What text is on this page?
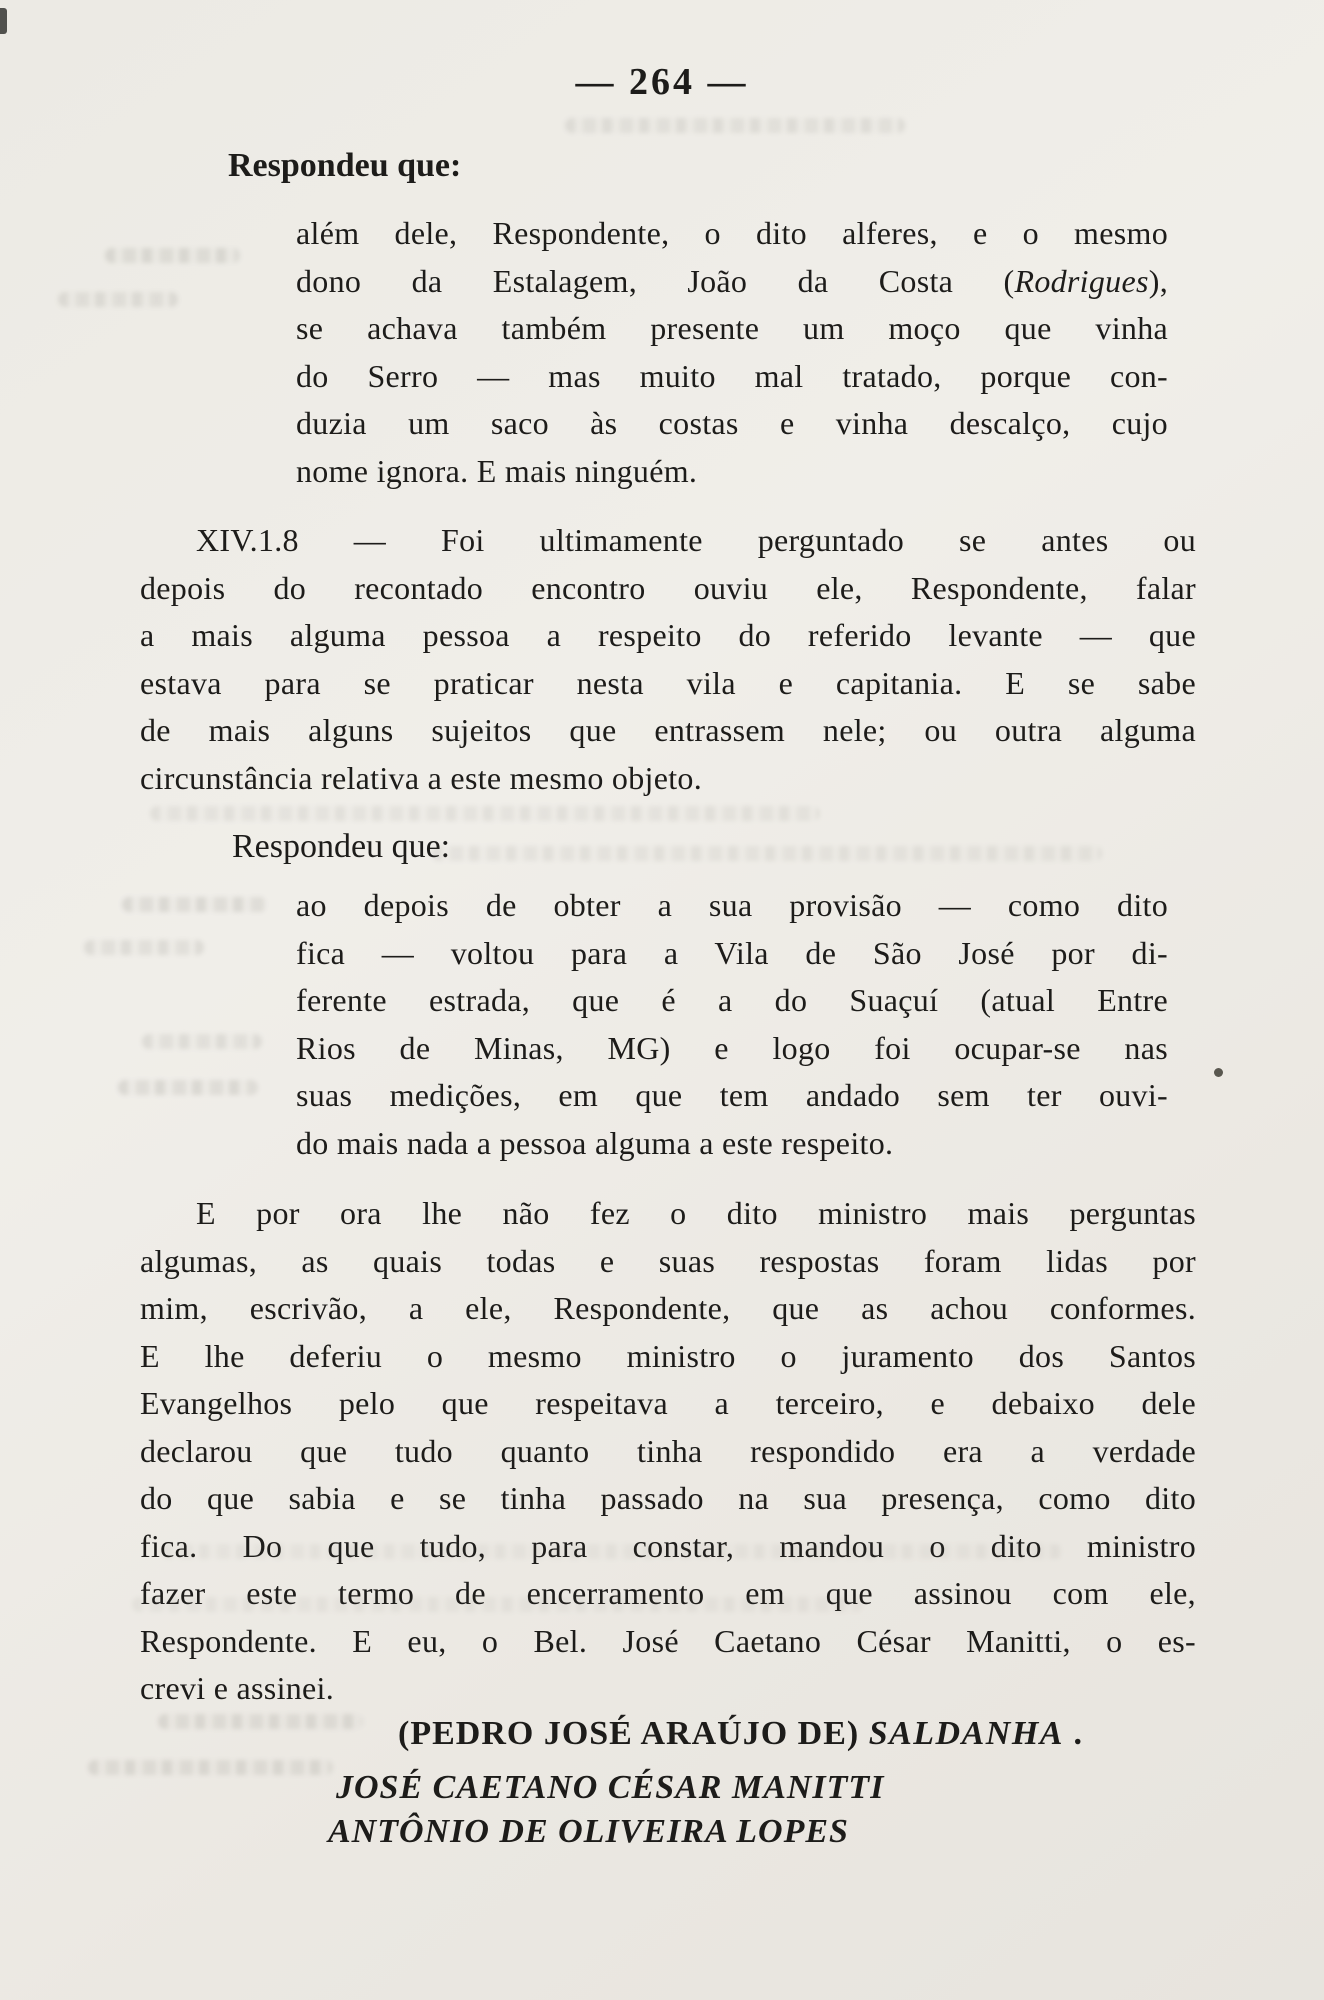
— 264 —
Respondeu que:
além dele, Respondente, o dito alferes, e o mesmo
dono da Estalagem, João da Costa (Rodrigues),
se achava também presente um moço que vinha
do Serro — mas muito mal tratado, porque con-
duzia um saco às costas e vinha descalço, cujo
nome ignora. E mais ninguém.
XIV.1.8 — Foi ultimamente perguntado se antes ou
depois do recontado encontro ouviu ele, Respondente, falar
a mais alguma pessoa a respeito do referido levante — que
estava para se praticar nesta vila e capitania. E se sabe
de mais alguns sujeitos que entrassem nele; ou outra alguma
circunstância relativa a este mesmo objeto.
Respondeu que:
ao depois de obter a sua provisão — como dito
fica — voltou para a Vila de São José por di-
ferente estrada, que é a do Suaçuí (atual Entre
Rios de Minas, MG) e logo foi ocupar-se nas
suas medições, em que tem andado sem ter ouvi-
do mais nada a pessoa alguma a este respeito.
E por ora lhe não fez o dito ministro mais perguntas
algumas, as quais todas e suas respostas foram lidas por
mim, escrivão, a ele, Respondente, que as achou conformes.
E lhe deferiu o mesmo ministro o juramento dos Santos
Evangelhos pelo que respeitava a terceiro, e debaixo dele
declarou que tudo quanto tinha respondido era a verdade
do que sabia e se tinha passado na sua presença, como dito
fica. Do que tudo, para constar, mandou o dito ministro
fazer este termo de encerramento em que assinou com ele,
Respondente. E eu, o Bel. José Caetano César Manitti, o es-
crevi e assinei.
(PEDRO JOSÉ ARAÚJO DE) SALDANHA .
JOSÉ CAETANO CÉSAR MANITTI
ANTÔNIO DE OLIVEIRA LOPES
